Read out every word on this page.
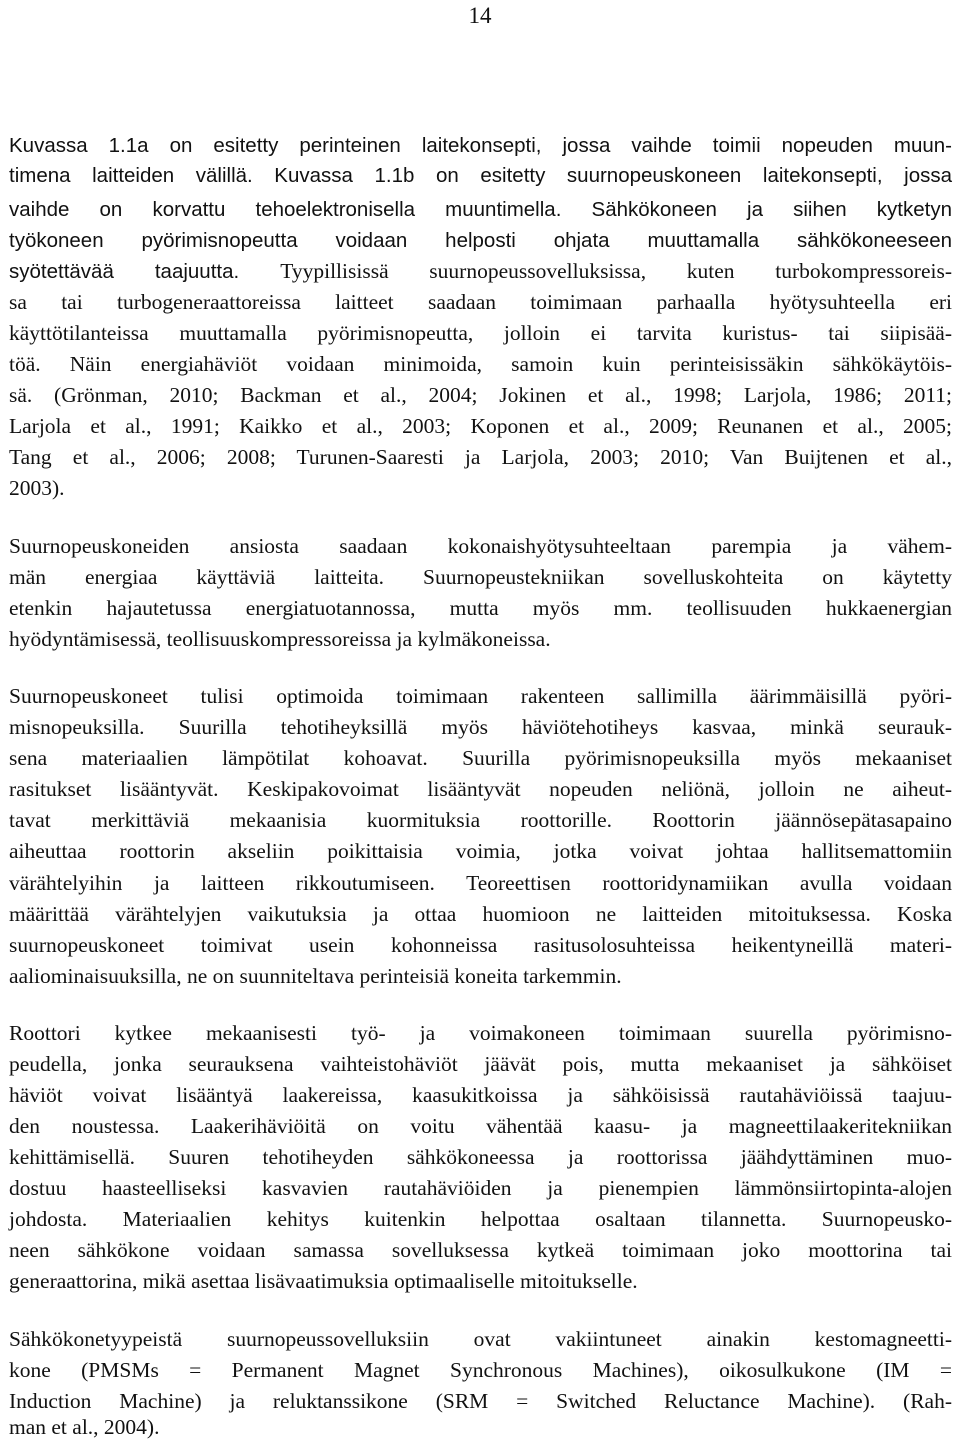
14
Kuvassa 1.1a on esitetty perinteinen laitekonsepti, jossa vaihde toimii nopeuden muun-
timena laitteiden välillä. Kuvassa 1.1b on esitetty suurnopeuskoneen laitekonsepti, jossa
vaihde on korvattu tehoelektronisella muuntimella. Sähkökoneen ja siihen kytketyn
työkoneen pyörimisnopeutta voidaan helposti ohjata muuttamalla sähkökoneeseen
syötettävää taajuutta. Tyypillisissä suurnopeussovelluksissa, kuten turbokompressoreis-
sa tai turbogeneraattoreissa laitteet saadaan toimimaan parhaalla hyötysuhteella eri
käyttötilanteissa muuttamalla pyörimisnopeutta, jolloin ei tarvita kuristus- tai siipisää-
töä. Näin energiahäviöt voidaan minimoida, samoin kuin perinteisissäkin sähkökäytöis-
sä. (Grönman, 2010; Backman et al., 2004; Jokinen et al., 1998; Larjola, 1986; 2011;
Larjola et al., 1991; Kaikko et al., 2003; Koponen et al., 2009; Reunanen et al., 2005;
Tang et al., 2006; 2008; Turunen-Saaresti ja Larjola, 2003; 2010; Van Buijtenen et al.,
2003).
Suurnopeuskoneiden ansiosta saadaan kokonaishyötysuhteeltaan parempia ja vähem-
män energiaa käyttäviä laitteita. Suurnopeustekniikan sovelluskohteita on käytetty
etenkin hajautetussa energiatuotannossa, mutta myös mm. teollisuuden hukkaenergian
hyödyntämisessä, teollisuuskompressoreissa ja kylmäkoneissa.
Suurnopeuskoneet tulisi optimoida toimimaan rakenteen sallimilla äärimmäisillä pyöri-
misnopeuksilla. Suurilla tehotiheyksillä myös häviötehotiheys kasvaa, minkä seurauk-
sena materiaalien lämpötilat kohoavat. Suurilla pyörimisnopeuksilla myös mekaaniset
rasitukset lisääntyvät. Keskipakovoimat lisääntyvät nopeuden neliönä, jolloin ne aiheut-
tavat merkittäviä mekaanisia kuormituksia roottorille. Roottorin jäännösepätasapaino
aiheuttaa roottorin akseliin poikittaisia voimia, jotka voivat johtaa hallitsemattomiin
värähtelyihin ja laitteen rikkoutumiseen. Teoreettisen roottoridynamiikan avulla voidaan
määrittää värähtelyjen vaikutuksia ja ottaa huomioon ne laitteiden mitoituksessa. Koska
suurnopeuskoneet toimivat usein kohonneissa rasitusolosuhteissa heikentyneillä materi-
aaliominaisuuksilla, ne on suunniteltava perinteisiä koneita tarkemmin.
Roottori kytkee mekaanisesti työ- ja voimakoneen toimimaan suurella pyörimisno-
peudella, jonka seurauksena vaihteistohäviöt jäävät pois, mutta mekaaniset ja sähköiset
häviöt voivat lisääntyä laakereissa, kaasukitkoissa ja sähköisissä rautahäviöissä taajuu-
den noustessa. Laakerihäviöitä on voitu vähentää kaasu- ja magneettilaakeritekniikan
kehittämisellä. Suuren tehotiheyden sähkökoneessa ja roottorissa jäähdyttäminen muo-
dostuu haasteelliseksi kasvavien rautahäviöiden ja pienempien lämmönsiirtopinta-alojen
johdosta. Materiaalien kehitys kuitenkin helpottaa osaltaan tilannetta. Suurnopeusko-
neen sähkökone voidaan samassa sovelluksessa kytkeä toimimaan joko moottorina tai
generaattorina, mikä asettaa lisävaatimuksia optimaaliselle mitoitukselle.
Sähkökonetyypeistä suurnopeussovelluksiin ovat vakiintuneet ainakin kestomagneetti-
kone (PMSMs = Permanent Magnet Synchronous Machines), oikosulkukone (IM =
Induction Machine) ja reluktanssikone (SRM = Switched Reluctance Machine). (Rah-
man et al., 2004).
